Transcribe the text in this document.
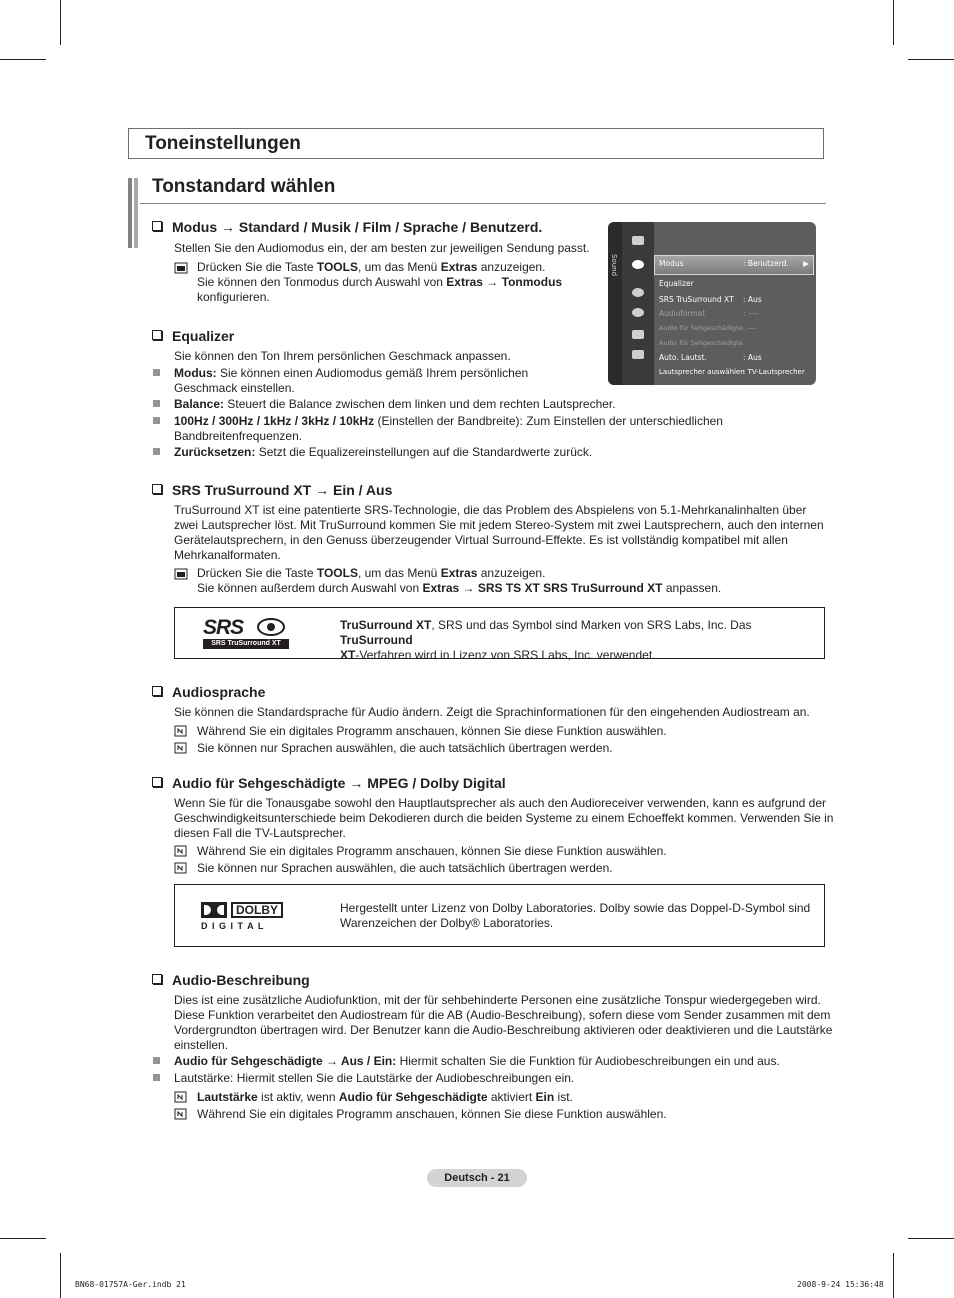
Toneinstellungen
Tonstandard wählen
Modus → Standard / Musik / Film / Sprache / Benutzerd.
Stellen Sie den Audiomodus ein, der am besten zur jeweiligen Sendung passt.
Drücken Sie die Taste TOOLS, um das Menü Extras anzuzeigen.
Sie können den Tonmodus durch Auswahl von Extras → Tonmodus
konfigurieren.
Sound	Modus	: Benutzerd. ▶
Equalizer
SRS TruSurround XT : Aus
Audioformat	: ----
Audio für Sehgeschädigte: ----
Audio für Sehgeschädigte
Auto. Lautst.	: Aus
Lautsprecher auswählen: TV-Lautsprecher
Equalizer
Sie können den Ton Ihrem persönlichen Geschmack anpassen.
Modus: Sie können einen Audiomodus gemäß Ihrem persönlichen
Geschmack einstellen.
Balance: Steuert die Balance zwischen dem linken und dem rechten Lautsprecher.
100Hz / 300Hz / 1kHz / 3kHz / 10kHz (Einstellen der Bandbreite): Zum Einstellen der unterschiedlichen
Bandbreitenfrequenzen.
Zurücksetzen: Setzt die Equalizereinstellungen auf die Standardwerte zurück.
SRS TruSurround XT → Ein / Aus
TruSurround XT ist eine patentierte SRS-Technologie, die das Problem des Abspielens von 5.1-Mehrkanalinhalten über
zwei Lautsprecher löst. Mit TruSurround kommen Sie mit jedem Stereo-System mit zwei Lautsprechern, auch den internen
Gerätelautsprechern, in den Genuss überzeugender Virtual Surround-Effekte. Es ist vollständig kompatibel mit allen
Mehrkanalformaten.
Drücken Sie die Taste TOOLS, um das Menü Extras anzuzeigen.
Sie können außerdem durch Auswahl von Extras → SRS TS XT SRS TruSurround XT anpassen.
SRS
SRS TruSurround XT
TruSurround XT, SRS und das Symbol sind Marken von SRS Labs, Inc. Das TruSurround
XT-Verfahren wird in Lizenz von SRS Labs, Inc. verwendet.
Audiosprache
Sie können die Standardsprache für Audio ändern. Zeigt die Sprachinformationen für den eingehenden Audiostream an.
Während Sie ein digitales Programm anschauen, können Sie diese Funktion auswählen.
Sie können nur Sprachen auswählen, die auch tatsächlich übertragen werden.
Audio für Sehgeschädigte → MPEG / Dolby Digital
Wenn Sie für die Tonausgabe sowohl den Hauptlautsprecher als auch den Audioreceiver verwenden, kann es aufgrund der
Geschwindigkeitsunterschiede beim Dekodieren durch die beiden Systeme zu einem Echoeffekt kommen. Verwenden Sie in
diesen Fall die TV-Lautsprecher.
Während Sie ein digitales Programm anschauen, können Sie diese Funktion auswählen.
Sie können nur Sprachen auswählen, die auch tatsächlich übertragen werden.
DOLBY
D I G I T A L
Hergestellt unter Lizenz von Dolby Laboratories. Dolby sowie das Doppel-D-Symbol sind
Warenzeichen der Dolby® Laboratories.
Audio-Beschreibung
Dies ist eine zusätzliche Audiofunktion, mit der für sehbehinderte Personen eine zusätzliche Tonspur wiedergegeben wird.
Diese Funktion verarbeitet den Audiostream für die AB (Audio-Beschreibung), sofern diese vom Sender zusammen mit dem
Vordergrundton übertragen wird. Der Benutzer kann die Audio-Beschreibung aktivieren oder deaktivieren und die Lautstärke
einstellen.
Audio für Sehgeschädigte → Aus / Ein: Hiermit schalten Sie die Funktion für Audiobeschreibungen ein und aus.
Lautstärke: Hiermit stellen Sie die Lautstärke der Audiobeschreibungen ein.
Lautstärke ist aktiv, wenn Audio für Sehgeschädigte aktiviert Ein ist.
Während Sie ein digitales Programm anschauen, können Sie diese Funktion auswählen.
Deutsch - 21
BN68-01757A-Ger.indb 21	2008-9-24 15:36:48
